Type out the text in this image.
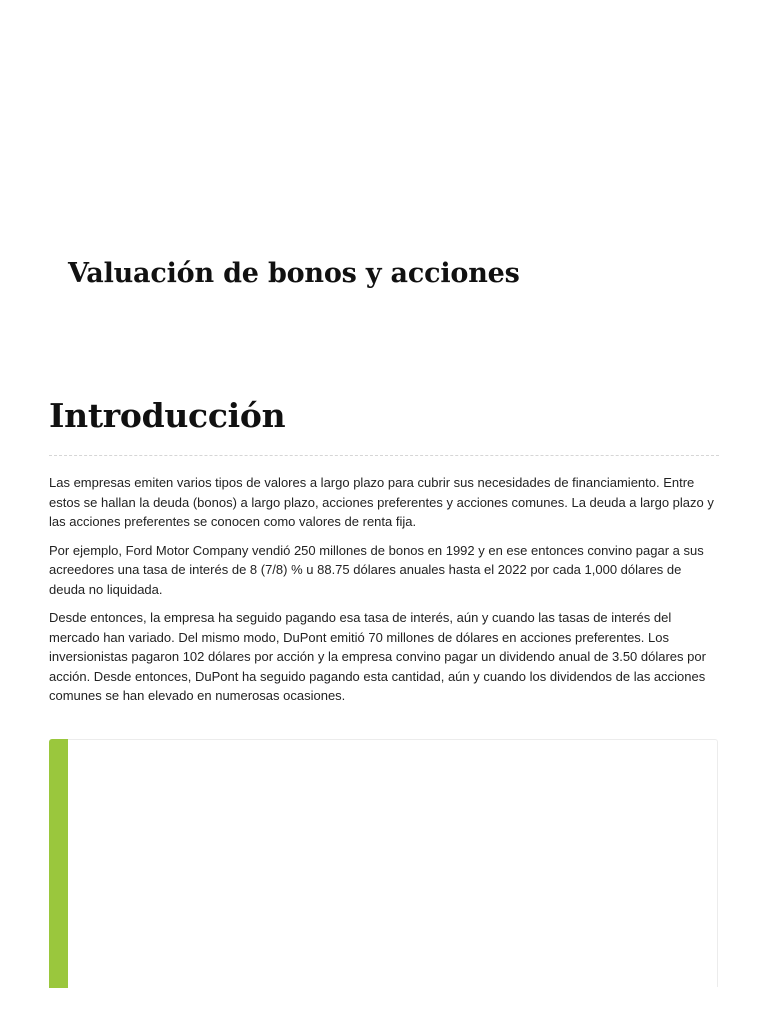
Valuación de bonos y acciones
Introducción

Las empresas emiten varios tipos de valores a largo plazo para cubrir sus necesidades de financiamiento. Entre estos se hallan la deuda (bonos) a largo plazo, acciones preferentes y acciones comunes. La deuda a largo plazo y las acciones preferentes se conocen como valores de renta fija.

Por ejemplo, Ford Motor Company vendió 250 millones de bonos en 1992 y en ese entonces convino pagar a sus acreedores una tasa de interés de 8 (7/8) % u 88.75 dólares anuales hasta el 2022 por cada 1,000 dólares de deuda no liquidada.

Desde entonces, la empresa ha seguido pagando esa tasa de interés, aún y cuando las tasas de interés del mercado han variado. Del mismo modo, DuPont emitió 70 millones de dólares en acciones preferentes. Los inversionistas pagaron 102 dólares por acción y la empresa convino pagar un dividendo anual de 3.50 dólares por acción. Desde entonces, DuPont ha seguido pagando esta cantidad, aún y cuando los dividendos de las acciones comunes se han elevado en numerosas ocasiones.
